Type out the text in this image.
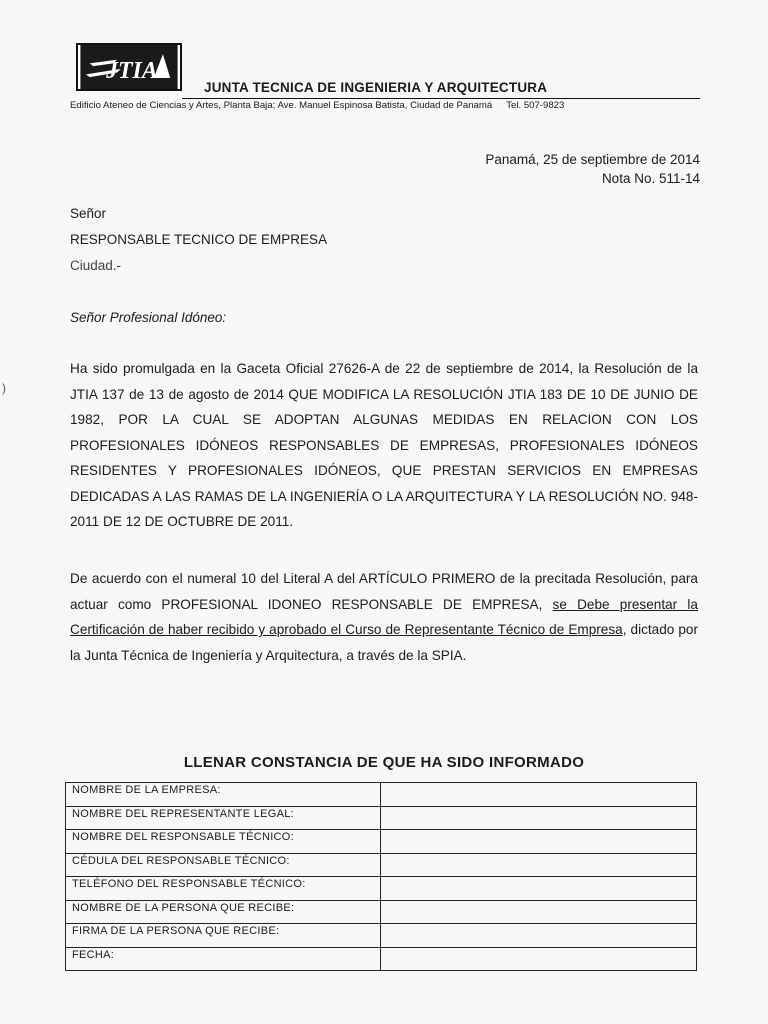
JTIA
JUNTA TECNICA DE INGENIERIA Y ARQUITECTURA
Edificio Ateneo de Ciencias y Artes, Planta Baja; Ave. Manuel Espinosa Batista, Ciudad de Panamá Tel. 507-9823
Panamá, 25 de septiembre de 2014
Nota No. 511-14
Señor
RESPONSABLE TECNICO DE EMPRESA
Ciudad.-
Señor Profesional Idóneo:
)
Ha sido promulgada en la Gaceta Oficial 27626-A de 22 de septiembre de 2014, la Resolución de la JTIA 137 de 13 de agosto de 2014 QUE MODIFICA LA RESOLUCIÓN JTIA 183 DE 10 DE JUNIO DE 1982, POR LA CUAL SE ADOPTAN ALGUNAS MEDIDAS EN RELACION CON LOS PROFESIONALES IDÓNEOS RESPONSABLES DE EMPRESAS, PROFESIONALES IDÓNEOS RESIDENTES Y PROFESIONALES IDÓNEOS, QUE PRESTAN SERVICIOS EN EMPRESAS DEDICADAS A LAS RAMAS DE LA INGENIERÍA O LA ARQUITECTURA Y LA RESOLUCIÓN NO. 948-2011 DE 12 DE OCTUBRE DE 2011.
De acuerdo con el numeral 10 del Literal A del ARTÍCULO PRIMERO de la precitada Resolución, para actuar como PROFESIONAL IDONEO RESPONSABLE DE EMPRESA, se Debe presentar la Certificación de haber recibido y aprobado el Curso de Representante Técnico de Empresa, dictado por la Junta Técnica de Ingeniería y Arquitectura, a través de la SPIA.
LLENAR CONSTANCIA DE QUE HA SIDO INFORMADO
NOMBRE DE LA EMPRESA:	
NOMBRE DEL REPRESENTANTE LEGAL:	
NOMBRE DEL RESPONSABLE TÉCNICO:	
CÉDULA DEL RESPONSABLE TÉCNICO:	
TELÉFONO DEL RESPONSABLE TÉCNICO:	
NOMBRE DE LA PERSONA QUE RECIBE:	
FIRMA DE LA PERSONA QUE RECIBE:	
FECHA:	
